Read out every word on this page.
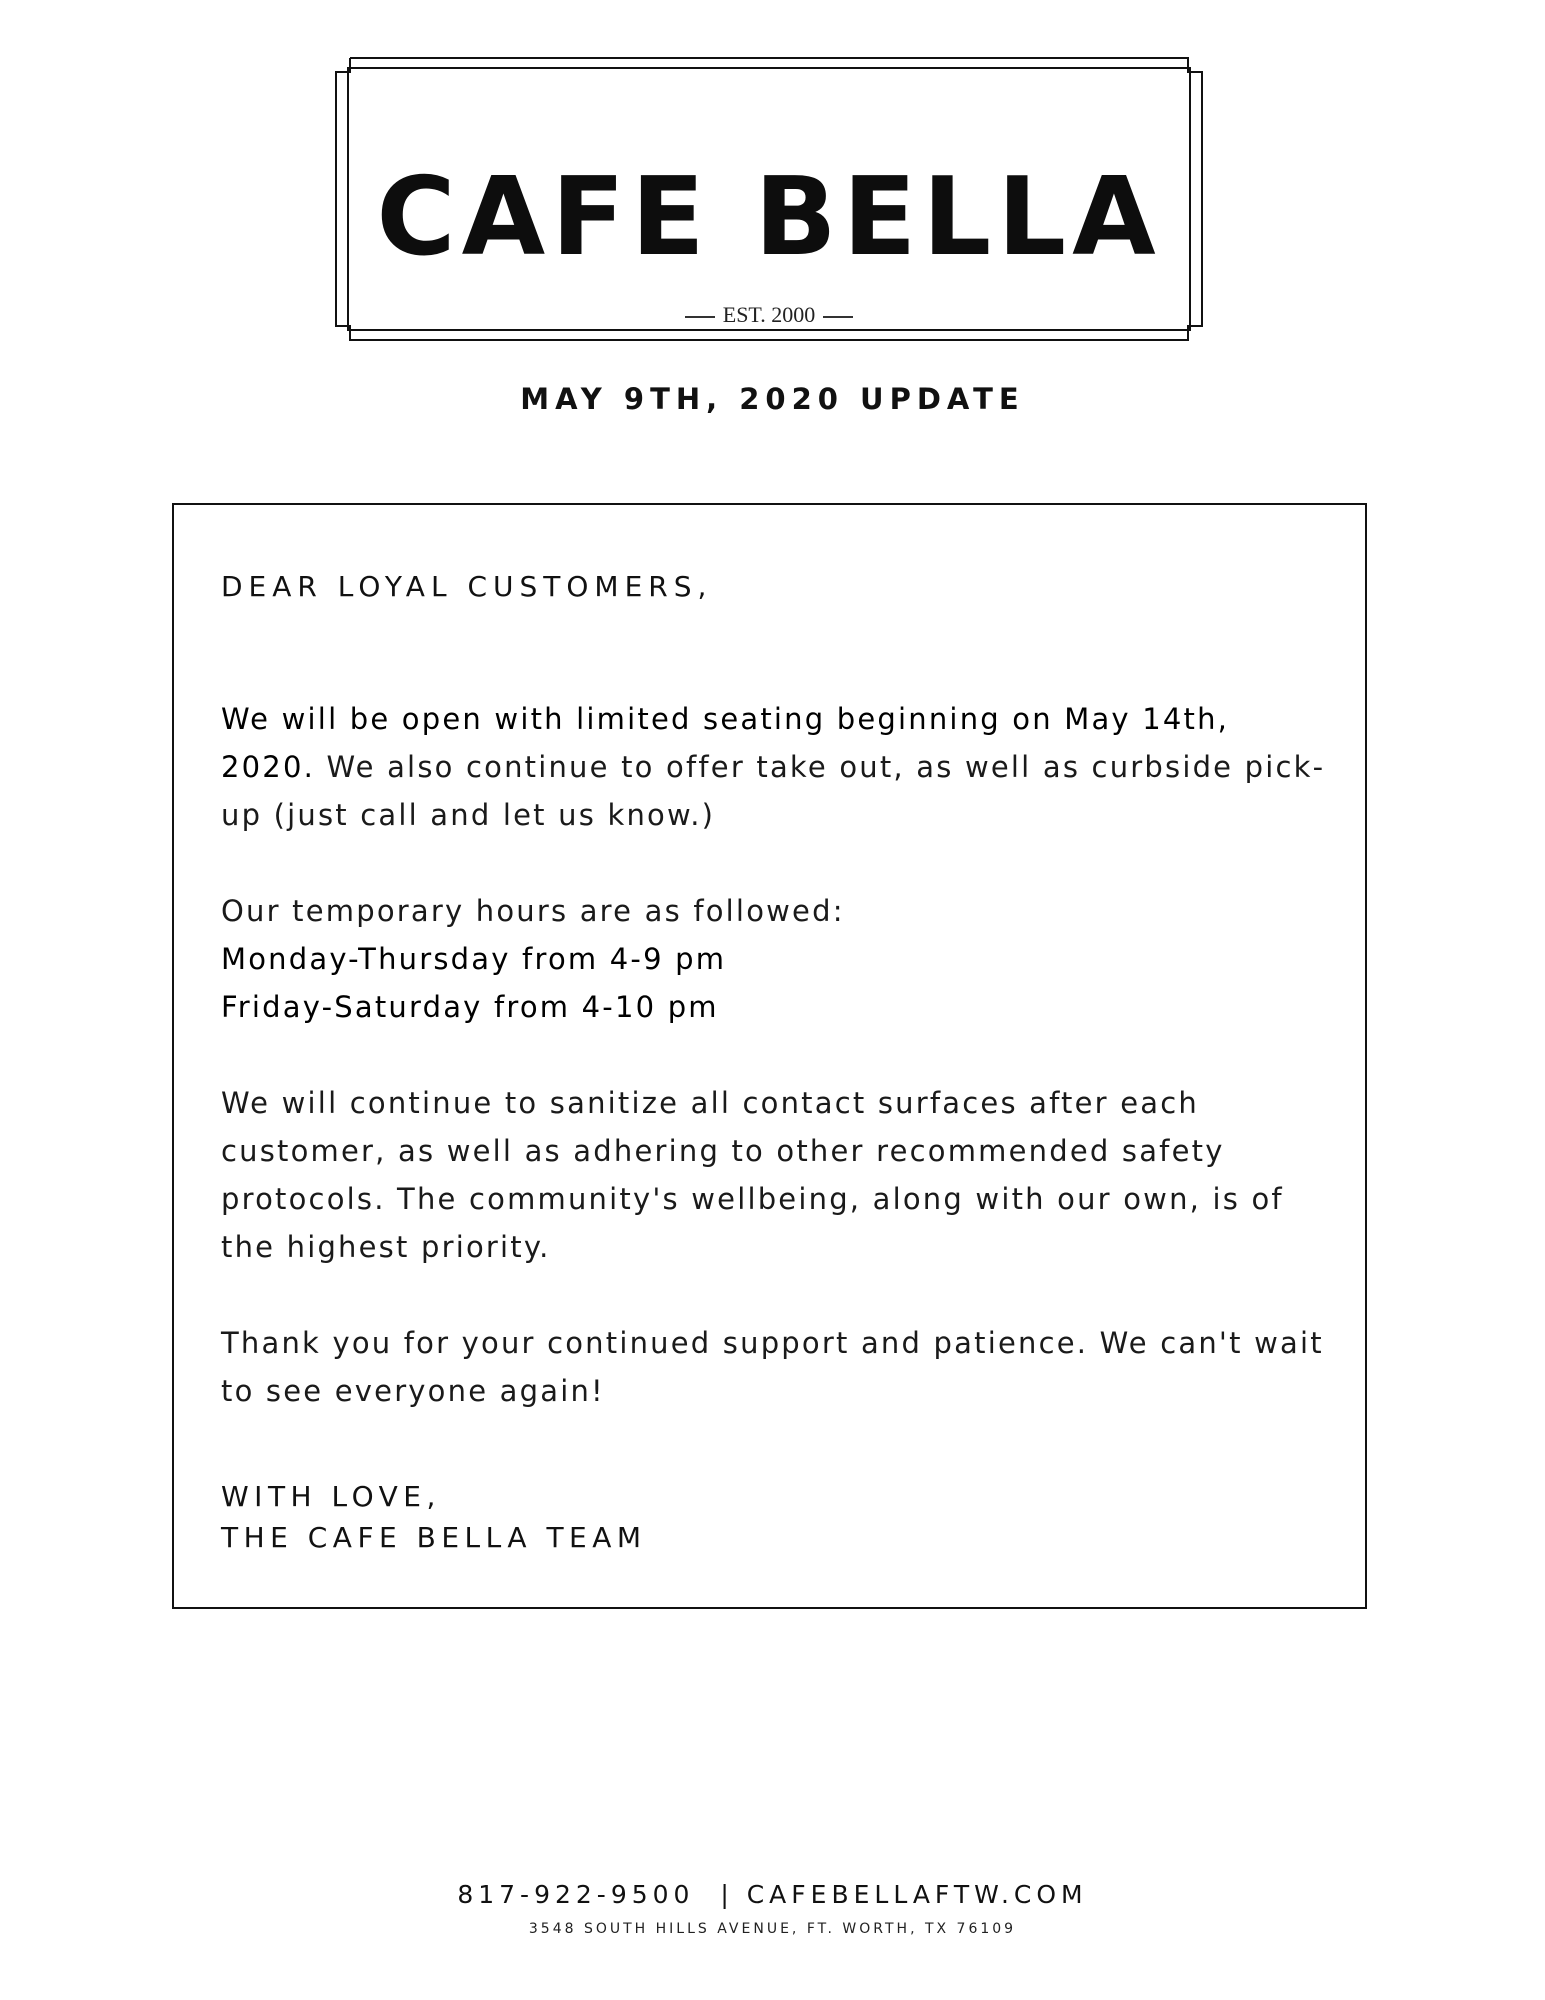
CAFE BELLA
EST. 2000
MAY 9TH, 2020 UPDATE

DEAR LOYAL CUSTOMERS,

We will be open with limited seating beginning on May 14th, 2020. We also continue to offer take out, as well as curbside pick-up (just call and let us know.)

Our temporary hours are as followed:

Monday-Thursday from 4-9 pm

Friday-Saturday from 4-10 pm

We will continue to sanitize all contact surfaces after each customer, as well as adhering to other recommended safety protocols. The community's wellbeing, along with our own, is of the highest priority.

Thank you for your continued support and patience. We can't wait to see everyone again!

WITH LOVE,
THE CAFE BELLA TEAM
817-922-9500  | CAFEBELLAFTW.COM
3548 SOUTH HILLS AVENUE, FT. WORTH, TX 76109
